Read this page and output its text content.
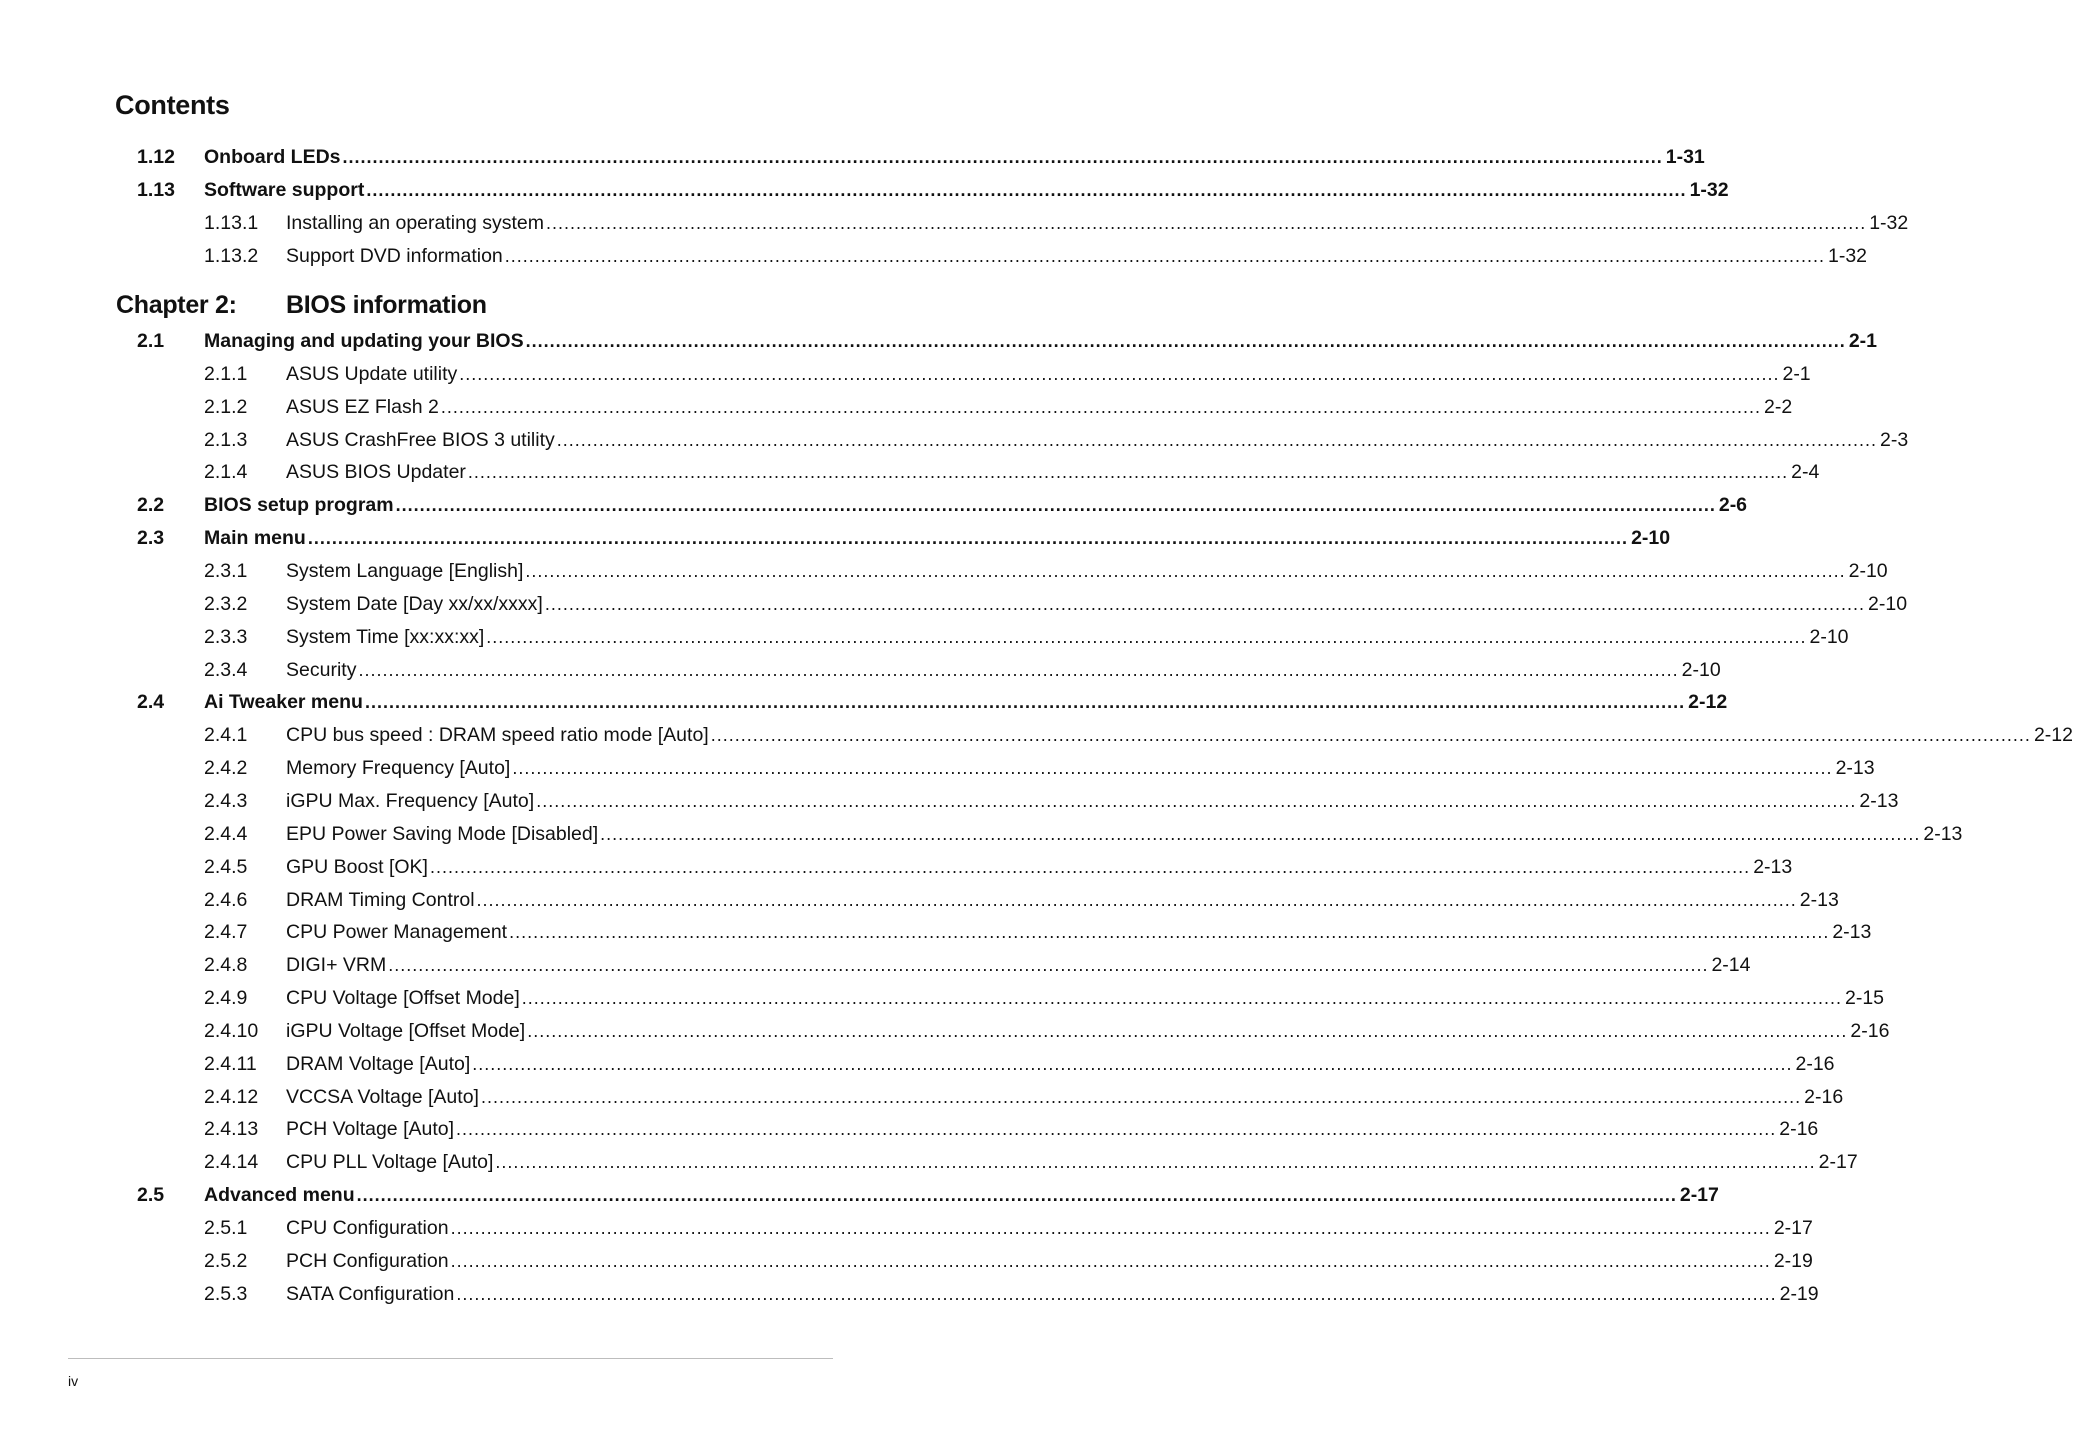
Contents
1.12 Onboard LEDs ............................................................................................................................................................................................................................ 1-31
1.13 Software support ............................................................................................................................................................................................................................ 1-32
1.13.1 Installing an operating system ............................................................................................................................................................................................................................ 1-32
1.13.2 Support DVD information ............................................................................................................................................................................................................................ 1-32
Chapter 2: BIOS information
2.1 Managing and updating your BIOS ............................................................................................................................................................................................................................ 2-1
2.1.1 ASUS Update utility ............................................................................................................................................................................................................................ 2-1
2.1.2 ASUS EZ Flash 2 ............................................................................................................................................................................................................................ 2-2
2.1.3 ASUS CrashFree BIOS 3 utility ............................................................................................................................................................................................................................ 2-3
2.1.4 ASUS BIOS Updater ............................................................................................................................................................................................................................ 2-4
2.2 BIOS setup program ............................................................................................................................................................................................................................ 2-6
2.3 Main menu ............................................................................................................................................................................................................................ 2-10
2.3.1 System Language [English] ............................................................................................................................................................................................................................ 2-10
2.3.2 System Date [Day xx/xx/xxxx] ............................................................................................................................................................................................................................ 2-10
2.3.3 System Time [xx:xx:xx] ............................................................................................................................................................................................................................ 2-10
2.3.4 Security ............................................................................................................................................................................................................................ 2-10
2.4 Ai Tweaker menu ............................................................................................................................................................................................................................ 2-12
2.4.1 CPU bus speed : DRAM speed ratio mode [Auto] ............................................................................................................................................................................................................................ 2-12
2.4.2 Memory Frequency [Auto] ............................................................................................................................................................................................................................ 2-13
2.4.3 iGPU Max. Frequency [Auto] ............................................................................................................................................................................................................................ 2-13
2.4.4 EPU Power Saving Mode [Disabled] ............................................................................................................................................................................................................................ 2-13
2.4.5 GPU Boost [OK] ............................................................................................................................................................................................................................ 2-13
2.4.6 DRAM Timing Control ............................................................................................................................................................................................................................ 2-13
2.4.7 CPU Power Management ............................................................................................................................................................................................................................ 2-13
2.4.8 DIGI+ VRM ............................................................................................................................................................................................................................ 2-14
2.4.9 CPU Voltage [Offset Mode] ............................................................................................................................................................................................................................ 2-15
2.4.10 iGPU Voltage [Offset Mode] ............................................................................................................................................................................................................................ 2-16
2.4.11 DRAM Voltage [Auto] ............................................................................................................................................................................................................................ 2-16
2.4.12 VCCSA Voltage [Auto] ............................................................................................................................................................................................................................ 2-16
2.4.13 PCH Voltage [Auto] ............................................................................................................................................................................................................................ 2-16
2.4.14 CPU PLL Voltage [Auto] ............................................................................................................................................................................................................................ 2-17
2.5 Advanced menu ............................................................................................................................................................................................................................ 2-17
2.5.1 CPU Configuration ............................................................................................................................................................................................................................ 2-17
2.5.2 PCH Configuration ............................................................................................................................................................................................................................ 2-19
2.5.3 SATA Configuration ............................................................................................................................................................................................................................ 2-19
iv
